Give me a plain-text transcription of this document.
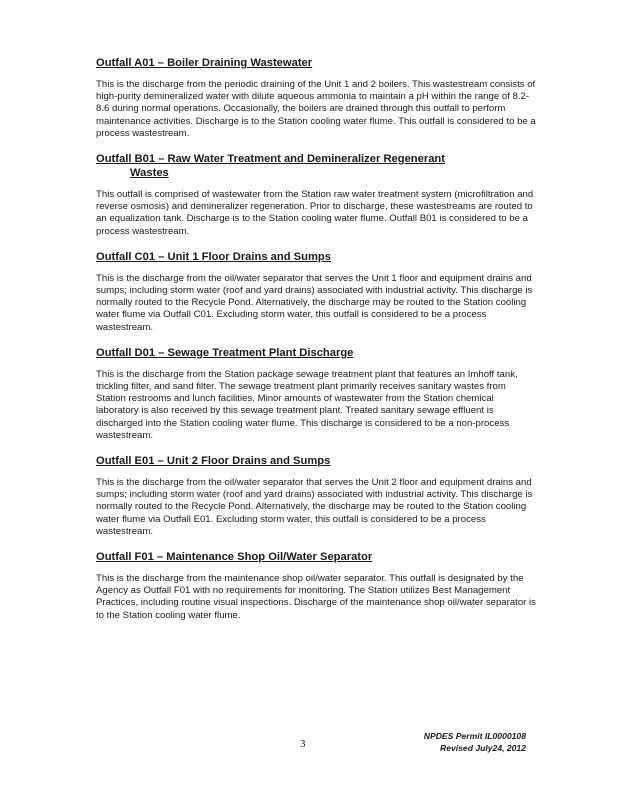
Outfall A01 – Boiler Draining Wastewater

This is the discharge from the periodic draining of the Unit 1 and 2 boilers. This wastestream consists of high-purity demineralized water with dilute aqueous ammonia to maintain a pH within the range of 8.2-8.6 during normal operations. Occasionally, the boilers are drained through this outfall to perform maintenance activities. Discharge is to the Station cooling water flume. This outfall is considered to be a process wastestream.

Outfall B01 – Raw Water Treatment and Demineralizer Regenerant
Wastes

This outfall is comprised of wastewater from the Station raw water treatment system (microfiltration and reverse osmosis) and demineralizer regeneration. Prior to discharge, these wastestreams are routed to an equalization tank. Discharge is to the Station cooling water flume. Outfall B01 is considered to be a process wastestream.

Outfall C01 – Unit 1 Floor Drains and Sumps

This is the discharge from the oil/water separator that serves the Unit 1 floor and equipment drains and sumps; including storm water (roof and yard drains) associated with industrial activity. This discharge is normally routed to the Recycle Pond. Alternatively, the discharge may be routed to the Station cooling water flume via Outfall C01. Excluding storm water, this outfall is considered to be a process wastestream.

Outfall D01 – Sewage Treatment Plant Discharge

This is the discharge from the Station package sewage treatment plant that features an Imhoff tank, trickling filter, and sand filter. The sewage treatment plant primarily receives sanitary wastes from Station restrooms and lunch facilities. Minor amounts of wastewater from the Station chemical laboratory is also received by this sewage treatment plant. Treated sanitary sewage effluent is discharged into the Station cooling water flume. This discharge is considered to be a non-process wastestream.

Outfall E01 – Unit 2 Floor Drains and Sumps

This is the discharge from the oil/water separator that serves the Unit 2 floor and equipment drains and sumps; including storm water (roof and yard drains) associated with industrial activity. This discharge is normally routed to the Recycle Pond. Alternatively, the discharge may be routed to the Station cooling water flume via Outfall E01. Excluding storm water, this outfall is considered to be a process wastestream.

Outfall F01 – Maintenance Shop Oil/Water Separator

This is the discharge from the maintenance shop oil/water separator. This outfall is designated by the Agency as Outfall F01 with no requirements for monitoring. The Station utilizes Best Management Practices, including routine visual inspections. Discharge of the maintenance shop oil/water separator is to the Station cooling water flume.

3
NPDES Permit IL0000108
Revised July24, 2012
